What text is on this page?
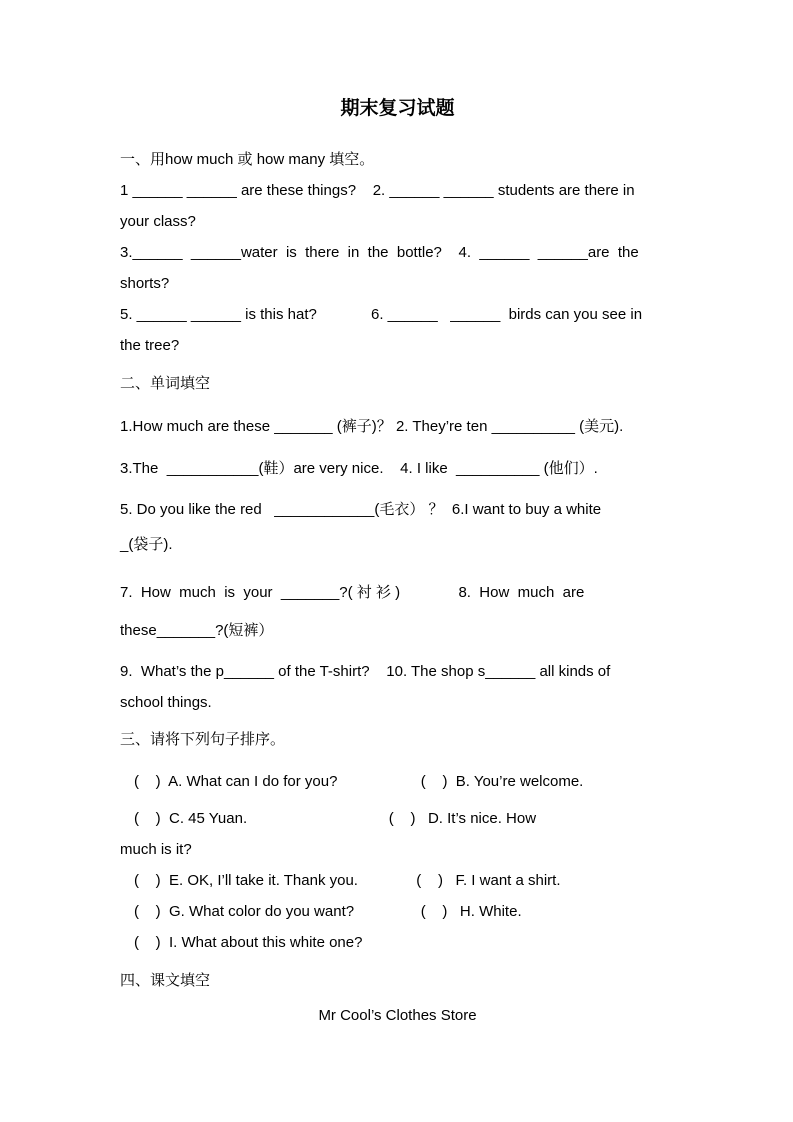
期末复习试题
一、用how much 或 how many 填空。
1 ______ ______ are these things?    2. ______ ______ students are there in
your class?
3.______  ______water  is  there  in  the  bottle?    4.  ______  ______are  the
shorts?
5. ______ ______ is this hat?             6. ______   ______  birds can you see in
the tree?
二、单词填空
1.How much are these _______ (裤子)？ 2. They’re ten __________ (美元).
3.The  ___________(鞋）are very nice.    4. I like  __________ (他们）.
5. Do you like the red   ____________(毛衣） ？  6.I want to buy a white
_(袋子).
7.  How  much  is  your  _______?( 衬 衫 )              8.  How  much  are
these_______?(短裤）
9.  What’s the p______ of the T-shirt?    10. The shop s______ all kinds of
school things.
三、请将下列句子排序。
(    )  A. What can I do for you?                    (    )  B. You’re welcome.
(    )  C. 45 Yuan.                                  (    )   D. It’s nice. How
much is it?
(    )  E. OK, I’ll take it. Thank you.              (    )   F. I want a shirt.
(    )  G. What color do you want?                (    )   H. White.
(    )  I. What about this white one?
四、课文填空
Mr Cool’s Clothes Store
